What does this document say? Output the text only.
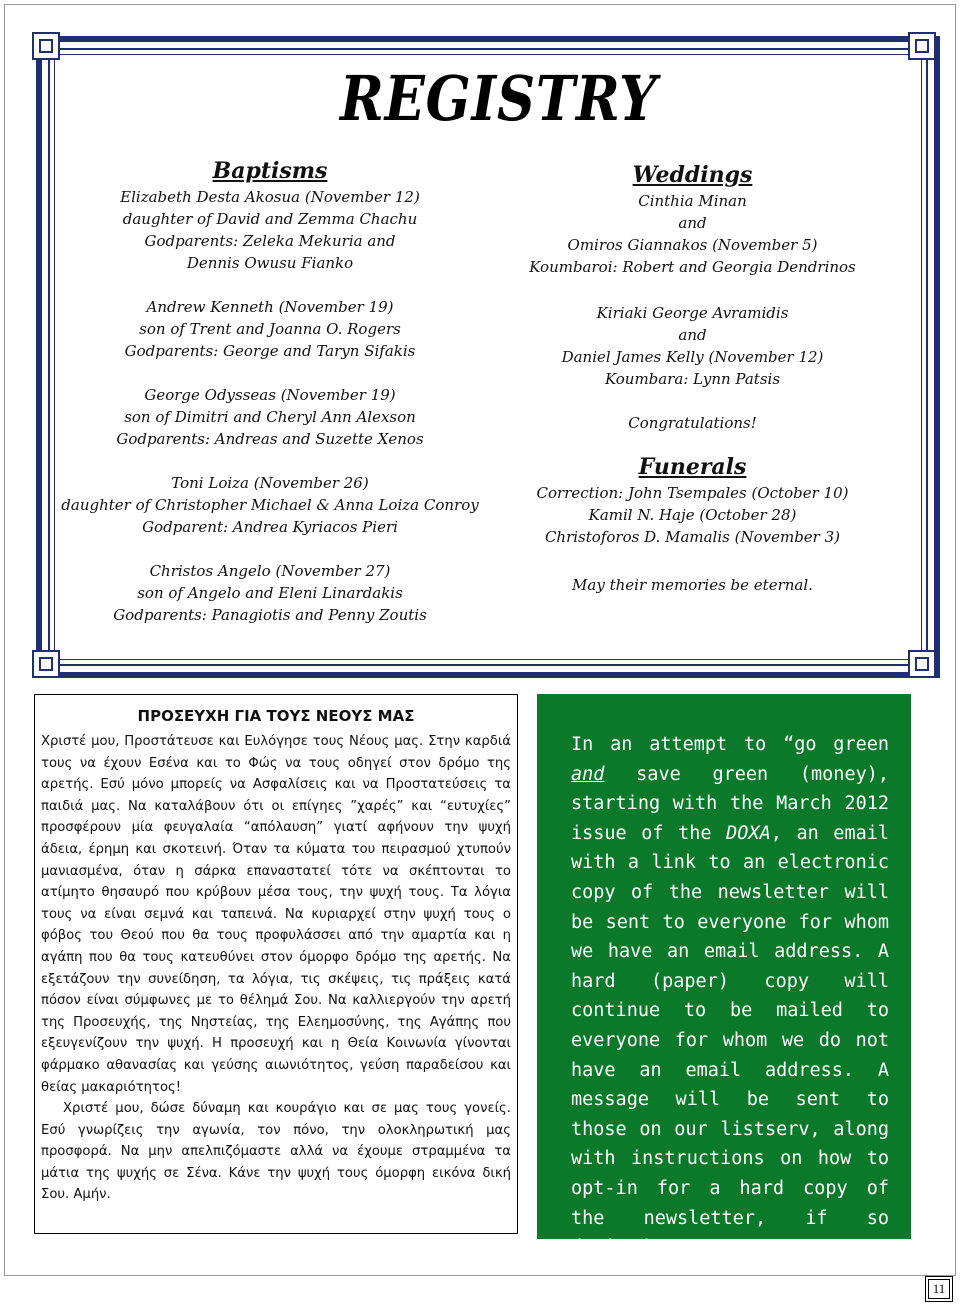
REGISTRY
Baptisms
Elizabeth Desta Akosua (November 12)
daughter of David and Zemma Chachu
Godparents: Zeleka Mekuria and
Dennis Owusu Fianko
Andrew Kenneth (November 19)
son of Trent and Joanna O. Rogers
Godparents: George and Taryn Sifakis
George Odysseas (November 19)
son of Dimitri and Cheryl Ann Alexson
Godparents: Andreas and Suzette Xenos
Toni Loiza (November 26)
daughter of Christopher Michael & Anna Loiza Conroy
Godparent: Andrea Kyriacos Pieri
Christos Angelo (November 27)
son of Angelo and Eleni Linardakis
Godparents: Panagiotis and Penny Zoutis
Weddings
Cinthia Minan
and
Omiros Giannakos (November 5)
Koumbaroi: Robert and Georgia Dendrinos
Kiriaki George Avramidis
and
Daniel James Kelly (November 12)
Koumbara: Lynn Patsis
Congratulations!
Funerals
Correction: John Tsempales (October 10)
Kamil N. Haje (October 28)
Christoforos D. Mamalis (November 3)
May their memories be eternal.
ΠΡΟΣΕΥΧΗ ΓΙΑ ΤΟΥΣ ΝΕΟΥΣ ΜΑΣ

Χριστέ μου, Προστάτευσε και Ευλόγησε τους Νέους μας. Στην καρδιά τους να έχουν Εσένα και το Φώς να τους οδηγεί στον δρόμο της αρετής. Εσύ μόνο μπορείς να Ασφαλίσεις και να Προστατεύσεις τα παιδιά μας. Να καταλάβουν ότι οι επίγηες ”χαρές” και “ευτυχίες” προσφέρουν μία φευγαλαία “απόλαυση” γιατί αφήνουν την ψυχή άδεια, έρημη και σκοτεινή. Όταν τα κύματα του πειρασμού χτυπούν μανιασμένα, όταν η σάρκα επαναστατεί τότε να σκέπτονται το ατίμητο θησαυρό που κρύβουν μέσα τους, την ψυχή τους. Τα λόγια τους να είναι σεμνά και ταπεινά. Να κυριαρχεί στην ψυχή τους ο φόβος του Θεού που θα τους προφυλάσσει από την αμαρτία και η αγάπη που θα τους κατευθύνει στον όμορφο δρόμο της αρετής. Να εξετάζουν την συνείδηση, τα λόγια, τις σκέψεις, τις πράξεις κατά πόσον είναι σύμφωνες με το θέλημά Σου. Να καλλιεργούν την αρετή της Προσευχής, της Νηστείας, της Ελεημοσύνης, της Αγάπης που εξευγενίζουν την ψυχή. Η προσευχή και η Θεία Κοινωνία γίνονται φάρμακο αθανασίας και γεύσης αιωνιότητος, γεύση παραδείσου και θείας μακαριότητος!

Χριστέ μου, δώσε δύναμη και κουράγιο και σε μας τους γονείς. Εσύ γνωρίζεις την αγωνία, τον πόνο, την ολοκληρωτική μας προσφορά. Να μην απελπιζόμαστε αλλά να έχουμε στραμμένα τα μάτια της ψυχής σε Σένα. Κάνε την ψυχή τους όμορφη εικόνα δική Σου. Αμήν.

In an attempt to “go green and save green (money), starting with the March 2012 issue of the DOXA, an email with a link to an electronic copy of the newsletter will be sent to everyone for whom we have an email address. A hard (paper) copy will continue to be mailed to everyone for whom we do not have an email address. A message will be sent to those on our listserv, along with instructions on how to opt-in for a hard copy of the newsletter, if so desired.
11
